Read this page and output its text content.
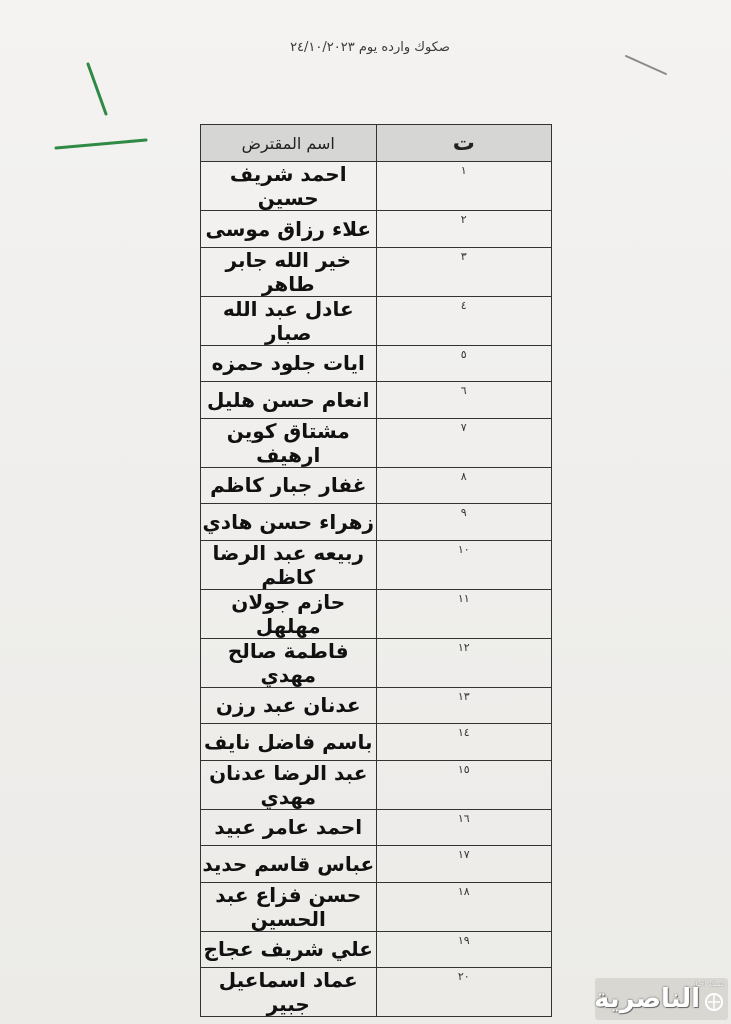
صكوك وارده يوم ٢٤/١٠/٢٠٢٣
ت	اسم المقترض
١	احمد شريف حسين
٢	علاء رزاق موسى
٣	خير الله جابر طاهر
٤	عادل عبد الله صبار
٥	ايات جلود حمزه
٦	انعام حسن هليل
٧	مشتاق كوين ارهيف
٨	غفار جبار كاظم
٩	زهراء حسن هادي
١٠	ربيعه عبد الرضا كاظم
١١	حازم جولان مهلهل
١٢	فاطمة صالح مهدي
١٣	عدنان عبد رزن
١٤	باسم فاضل نايف
١٥	عبد الرضا عدنان مهدي
١٦	احمد عامر عبيد
١٧	عباس قاسم حديد
١٨	حسن فزاع عبد الحسين
١٩	علي شريف عجاج
٢٠	عماد اسماعيل جبير
شبكة اخبار
الناصرية
